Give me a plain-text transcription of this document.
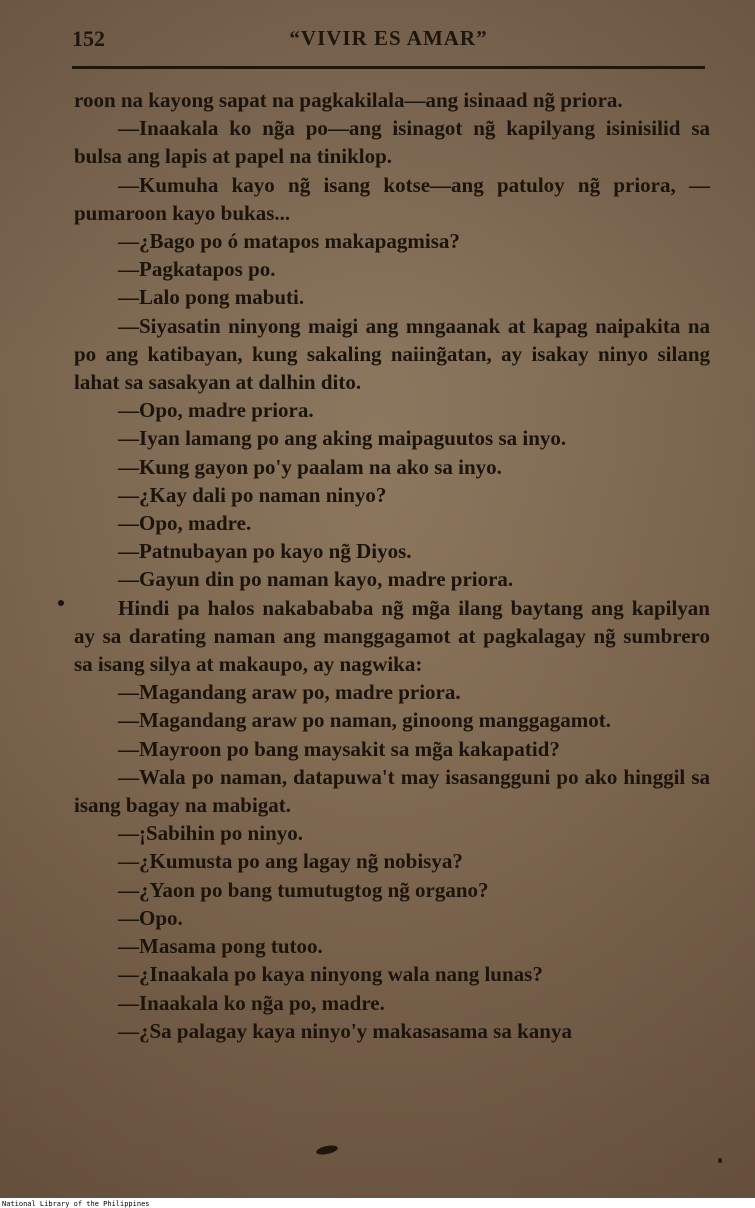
152	“VIVIR ES AMAR”

roon na kayong sapat na pagkakilala—ang isinaad ng̃ priora.

—Inaakala ko ng̃a po—ang isinagot ng̃ kapilyang isinisilid sa bulsa ang lapis at papel na tiniklop.

—Kumuha kayo ng̃ isang kotse—ang patuloy ng̃ priora, —pumaroon kayo bukas...

—¿Bago po ó matapos makapagmisa?

—Pagkatapos po.

—Lalo pong mabuti.

—Siyasatin ninyong maigi ang mngaanak at kapag naipakita na po ang katibayan, kung sakaling naiing̃atan, ay isakay ninyo silang lahat sa sasakyan at dalhin dito.

—Opo, madre priora.

—Iyan lamang po ang aking maipaguutos sa inyo.

—Kung gayon po'y paalam na ako sa inyo.

—¿Kay dali po naman ninyo?

—Opo, madre.

—Patnubayan po kayo ng̃ Diyos.

—Gayun din po naman kayo, madre priora.

Hindi pa halos nakabababa ng̃ mg̃a ilang baytang ang kapilyan ay sa darating naman ang manggagamot at pagkalagay ng̃ sumbrero sa isang silya at makaupo, ay nagwika:

—Magandang araw po, madre priora.

—Magandang araw po naman, ginoong manggagamot.

—Mayroon po bang maysakit sa mg̃a kakapatid?

—Wala po naman, datapuwa't may isasangguni po ako hinggil sa isang bagay na mabigat.

—¡Sabihin po ninyo.

—¿Kumusta po ang lagay ng̃ nobisya?

—¿Yaon po bang tumutugtog ng̃ organo?

—Opo.

—Masama pong tutoo.

—¿Inaakala po kaya ninyong wala nang lunas?

—Inaakala ko ng̃a po, madre.

—¿Sa palagay kaya ninyo'y makasasama sa kanya

National Library of the Philippines
